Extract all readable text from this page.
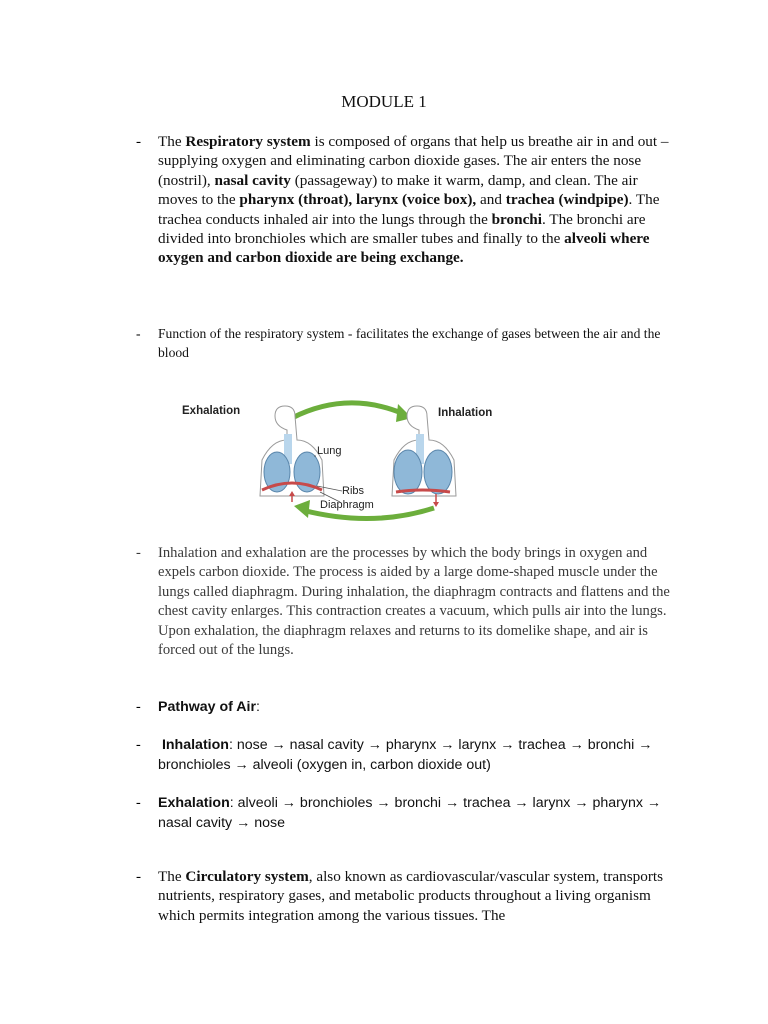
MODULE 1
-	The Respiratory system is composed of organs that help us breathe air in and out – supplying oxygen and eliminating carbon dioxide gases. The air enters the nose (nostril), nasal cavity (passageway) to make it warm, damp, and clean. The air moves to the pharynx (throat), larynx (voice box), and trachea (windpipe). The trachea conducts inhaled air into the lungs through the bronchi. The bronchi are divided into bronchioles which are smaller tubes and finally to the alveoli where oxygen and carbon dioxide are being exchange.
-	Function of the respiratory system - facilitates the exchange of gases between the air and the blood
Exhalation	Inhalation
Lung
Ribs
Diaphragm
-	Inhalation and exhalation are the processes by which the body brings in oxygen and expels carbon dioxide. The process is aided by a large dome-shaped muscle under the lungs called diaphragm. During inhalation, the diaphragm contracts and flattens and the chest cavity enlarges. This contraction creates a vacuum, which pulls air into the lungs. Upon exhalation, the diaphragm relaxes and returns to its domelike shape, and air is forced out of the lungs.
-	Pathway of Air:
-	Inhalation: nose → nasal cavity → pharynx → larynx → trachea → bronchi → bronchioles → alveoli (oxygen in, carbon dioxide out)
-	Exhalation: alveoli → bronchioles → bronchi → trachea → larynx → pharynx → nasal cavity → nose
-	The Circulatory system, also known as cardiovascular/vascular system, transports nutrients, respiratory gases, and metabolic products throughout a living organism which permits integration among the various tissues. The
